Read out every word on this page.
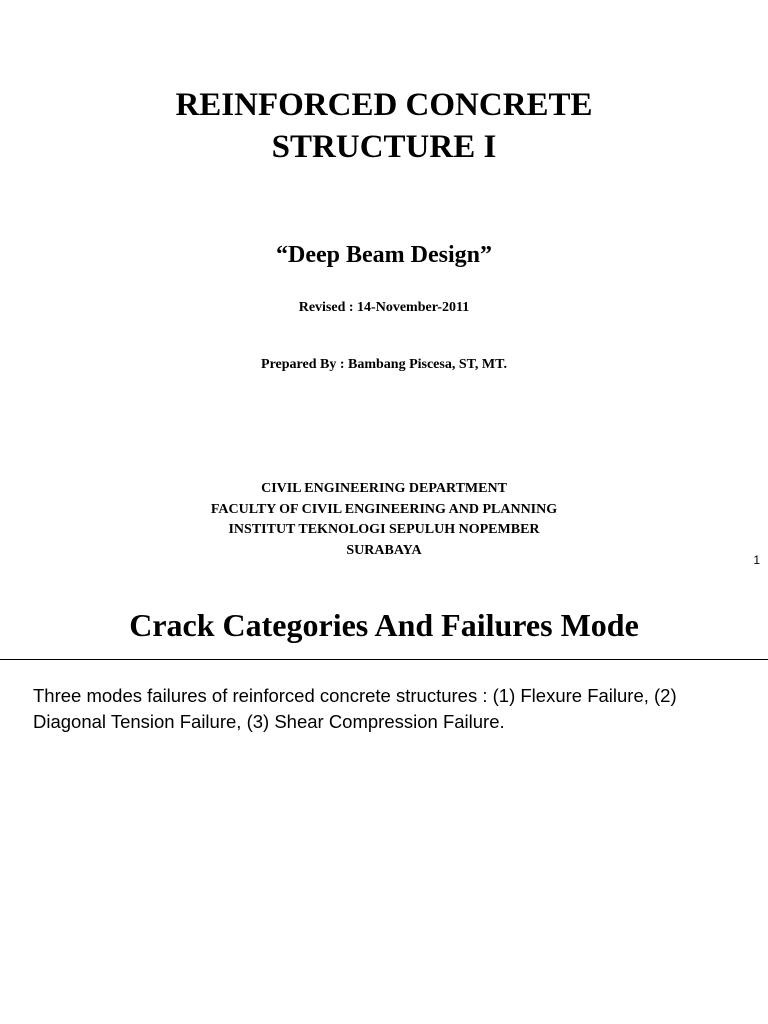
REINFORCED CONCRETE
STRUCTURE I
“Deep Beam Design”
Revised : 14-November-2011
Prepared By : Bambang Piscesa, ST, MT.
CIVIL ENGINEERING DEPARTMENT
FACULTY OF CIVIL ENGINEERING AND PLANNING
INSTITUT TEKNOLOGI SEPULUH NOPEMBER
SURABAYA
1
Crack Categories And Failures Mode

Three modes failures of reinforced concrete structures : (1) Flexure Failure, (2) Diagonal Tension Failure, (3) Shear Compression Failure.
